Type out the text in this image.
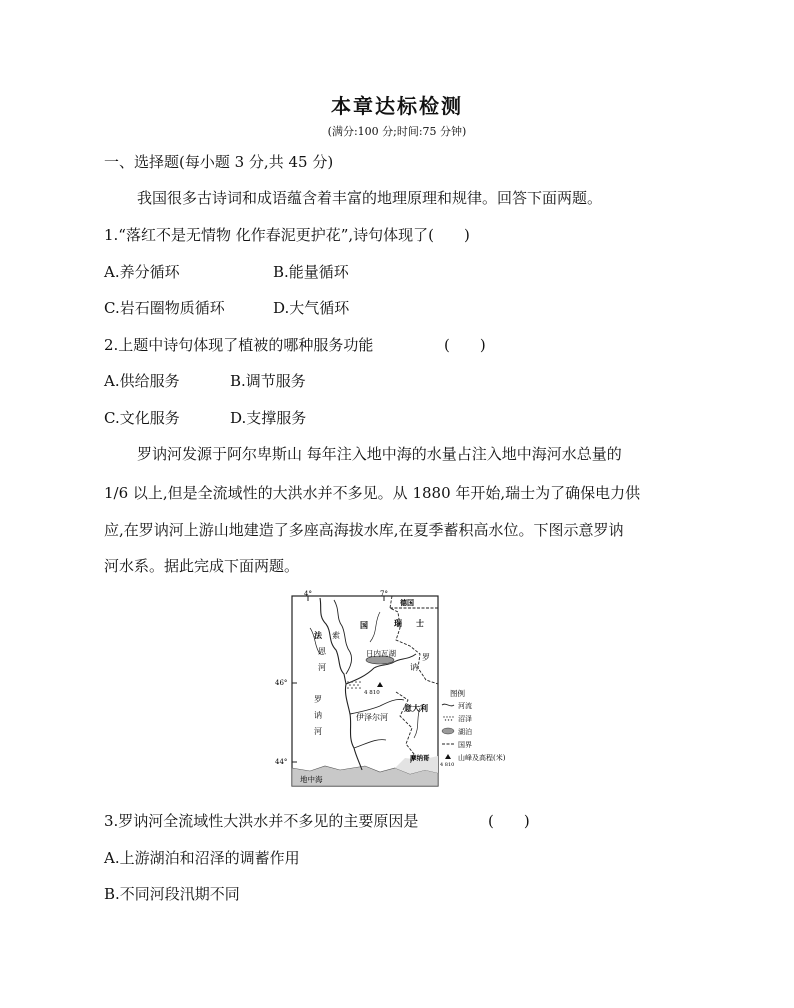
本章达标检测
(满分:100 分;时间:75 分钟)
一、选择题(每小题 3 分,共 45 分)
我国很多古诗词和成语蕴含着丰富的地理原理和规律。回答下面两题。
1.“落红不是无情物 化作春泥更护花”,诗句体现了(　　)
A.养分循环	B.能量循环
C.岩石圈物质循环	D.大气循环
2.上题中诗句体现了植被的哪种服务功能	(　　)
A.供给服务	B.调节服务
C.文化服务	D.支撑服务
罗讷河发源于阿尔卑斯山 每年注入地中海的水量占注入地中海河水总量的
1/6 以上,但是全流域性的大洪水并不多见。从 1880 年开始,瑞士为了确保电力供
应,在罗讷河上游山地建造了多座高海拔水库,在夏季蓄积高水位。下图示意罗讷
河水系。据此完成下面两题。
4°	7°
46°
44°
法
国
德国
瑞 士
意大利
摩纳哥
索
恩
河
罗
讷
河
伊泽尔河
罗
讷
日内瓦湖
4 810
地中海
图例
河流
沼泽
湖泊
国界
4 810
山峰及高程(米)
3.罗讷河全流域性大洪水并不多见的主要原因是	(　　)
A.上游湖泊和沼泽的调蓄作用
B.不同河段汛期不同
